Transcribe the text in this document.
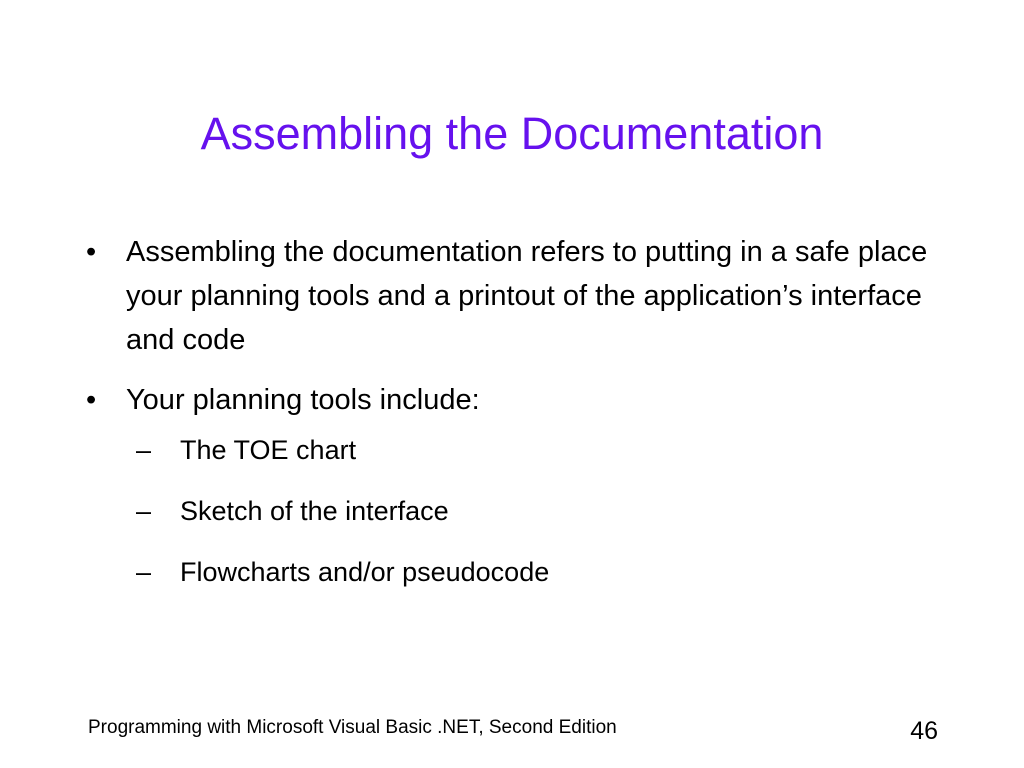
Assembling the Documentation
• Assembling the documentation refers to putting in a safe place your planning tools and a printout of the application’s interface and code
• Your planning tools include:
– The TOE chart
– Sketch of the interface
– Flowcharts and/or pseudocode
Programming with Microsoft Visual Basic .NET, Second Edition	46
